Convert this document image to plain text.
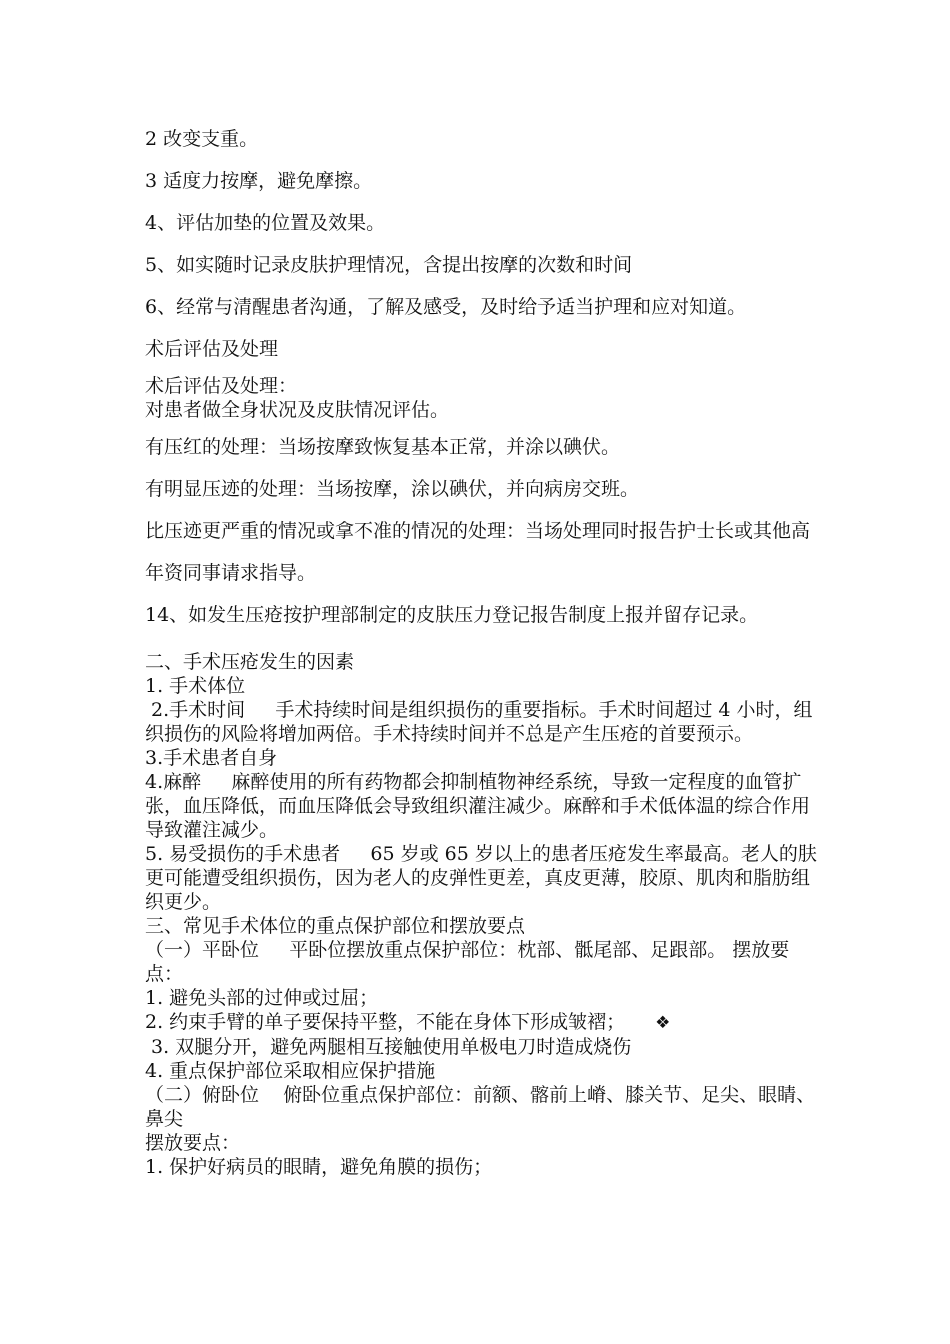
2 改变支重。

3 适度力按摩，避免摩擦。

4、评估加垫的位置及效果。

5、如实随时记录皮肤护理情况，含提出按摩的次数和时间

6、经常与清醒患者沟通，了解及感受，及时给予适当护理和应对知道。

术后评估及处理

术后评估及处理：

对患者做全身状况及皮肤情况评估。

有压红的处理：当场按摩致恢复基本正常，并涂以碘伏。

有明显压迹的处理：当场按摩，涂以碘伏，并向病房交班。

比压迹更严重的情况或拿不准的情况的处理：当场处理同时报告护士长或其他高年资同事请求指导。

14、如发生压疮按护理部制定的皮肤压力登记报告制度上报并留存记录。

二、手术压疮发生的因素

1. 手术体位

2.手术时间     手术持续时间是组织损伤的重要指标。手术时间超过 4 小时，组织损伤的风险将增加两倍。手术持续时间并不总是产生压疮的首要预示。

3.手术患者自身

4.麻醉     麻醉使用的所有药物都会抑制植物神经系统，导致一定程度的血管扩张，血压降低，而血压降低会导致组织灌注减少。麻醉和手术低体温的综合作用导致灌注减少。

5. 易受损伤的手术患者     65 岁或 65 岁以上的患者压疮发生率最高。老人的肤更可能遭受组织损伤，因为老人的皮弹性更差，真皮更薄，胶原、肌肉和脂肪组织更少。

三、常见手术体位的重点保护部位和摆放要点

（一）平卧位     平卧位摆放重点保护部位：枕部、骶尾部、足跟部。 摆放要点：

1. 避免头部的过伸或过屈；

2. 约束手臂的单子要保持平整，不能在身体下形成皱褶； ❖

3. 双腿分开，避免两腿相互接触使用单极电刀时造成烧伤

4. 重点保护部位采取相应保护措施

（二）俯卧位    俯卧位重点保护部位：前额、髂前上嵴、膝关节、足尖、眼睛、鼻尖

摆放要点：

1. 保护好病员的眼睛，避免角膜的损伤；
